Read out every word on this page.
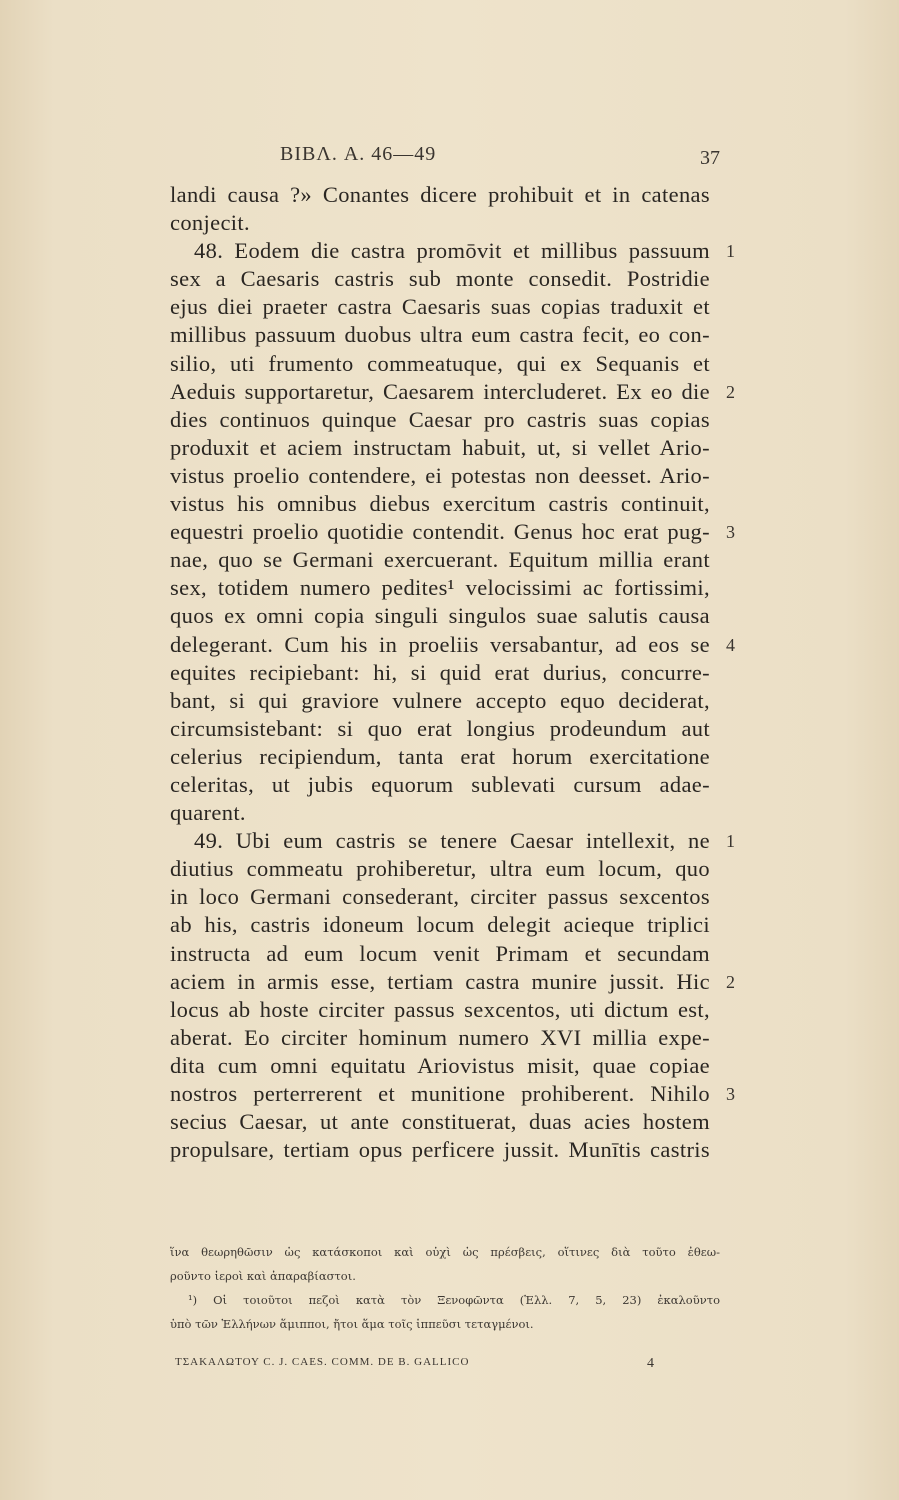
BIBΛ. A. 46—49	37
landi causa ?» Conantes dicere prohibuit et in catenas
conjecit.
48. Eodem die castra promōvit et millibus passuum 1
sex a Caesaris castris sub monte consedit. Postridie
ejus diei praeter castra Caesaris suas copias traduxit et
millibus passuum duobus ultra eum castra fecit, eo con-
silio, uti frumento commeatuque, qui ex Sequanis et
Aeduis supportaretur, Caesarem intercluderet. Ex eo die 2
dies continuos quinque Caesar pro castris suas copias
produxit et aciem instructam habuit, ut, si vellet Ario-
vistus proelio contendere, ei potestas non deesset. Ario-
vistus his omnibus diebus exercitum castris continuit,
equestri proelio quotidie contendit. Genus hoc erat pug- 3
nae, quo se Germani exercuerant. Equitum millia erant
sex, totidem numero pedites¹ velocissimi ac fortissimi,
quos ex omni copia singuli singulos suae salutis causa
delegerant. Cum his in proeliis versabantur, ad eos se 4
equites recipiebant: hi, si quid erat durius, concurre-
bant, si qui graviore vulnere accepto equo deciderat,
circumsistebant: si quo erat longius prodeundum aut
celerius recipiendum, tanta erat horum exercitatione
celeritas, ut jubis equorum sublevati cursum adae-
quarent.
49. Ubi eum castris se tenere Caesar intellexit, ne 1
diutius commeatu prohiberetur, ultra eum locum, quo
in loco Germani consederant, circiter passus sexcentos
ab his, castris idoneum locum delegit acieque triplici
instructa ad eum locum venit Primam et secundam
aciem in armis esse, tertiam castra munire jussit. Hic 2
locus ab hoste circiter passus sexcentos, uti dictum est,
aberat. Eo circiter hominum numero XVI millia expe-
dita cum omni equitatu Ariovistus misit, quae copiae
nostros perterrerent et munitione prohiberent. Nihilo 3
secius Caesar, ut ante constituerat, duas acies hostem
propulsare, tertiam opus perficere jussit. Munītis castris
ἵνα θεωρηθῶσιν ὡς κατάσκοποι καὶ οὐχὶ ὡς πρέσβεις, οἵτινες διὰ τοῦτο ἐθεω-
ροῦντο ἱεροὶ καὶ ἀπαραβίαστοι.
¹) Οἱ τοιοῦτοι πεζοὶ κατὰ τὸν Ξενοφῶντα (Ἑλλ. 7, 5, 23) ἐκαλοῦντο
ὑπὸ τῶν Ἑλλήνων ἅμιπποι, ἤτοι ἅμα τοῖς ἱππεῦσι τεταγμένοι.
ΤΣΑΚΑΛΩΤΟΥ C. J. CAES. COMM. DE B. GALLICO	4
